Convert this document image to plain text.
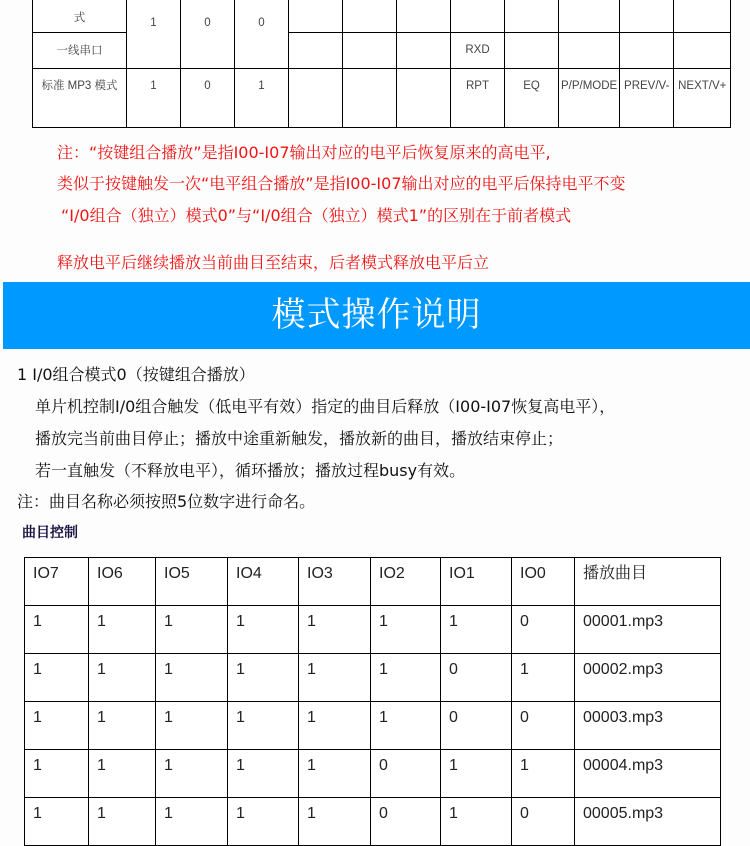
式	1	0	0								
一线串口							RXD				
标准 MP3 模式	1	0	1				RPT	EQ	P/P/MODE	PREV/V-	NEXT/V+
注：“按键组合播放”是指I00-I07输出对应的电平后恢复原来的高电平,
类似于按键触发一次“电平组合播放”是指I00-I07输出对应的电平后保持电平不变
“I/0组合（独立）模式0”与“I/0组合（独立）模式1”的区别在于前者模式
释放电平后继续播放当前曲目至结束，后者模式释放电平后立
模式操作说明
1 I/0组合模式0（按键组合播放）
单片机控制I/0组合触发（低电平有效）指定的曲目后释放（I00-I07恢复高电平），
播放完当前曲目停止；播放中途重新触发，播放新的曲目，播放结束停止；
若一直触发（不释放电平），循环播放；播放过程busy有效。
注：曲目名称必须按照5位数字进行命名。
曲目控制
IO7	IO6	IO5	IO4	IO3	IO2	IO1	IO0	播放曲目
1	1	1	1	1	1	1	0	00001.mp3
1	1	1	1	1	1	0	1	00002.mp3
1	1	1	1	1	1	0	0	00003.mp3
1	1	1	1	1	0	1	1	00004.mp3
1	1	1	1	1	0	1	0	00005.mp3
